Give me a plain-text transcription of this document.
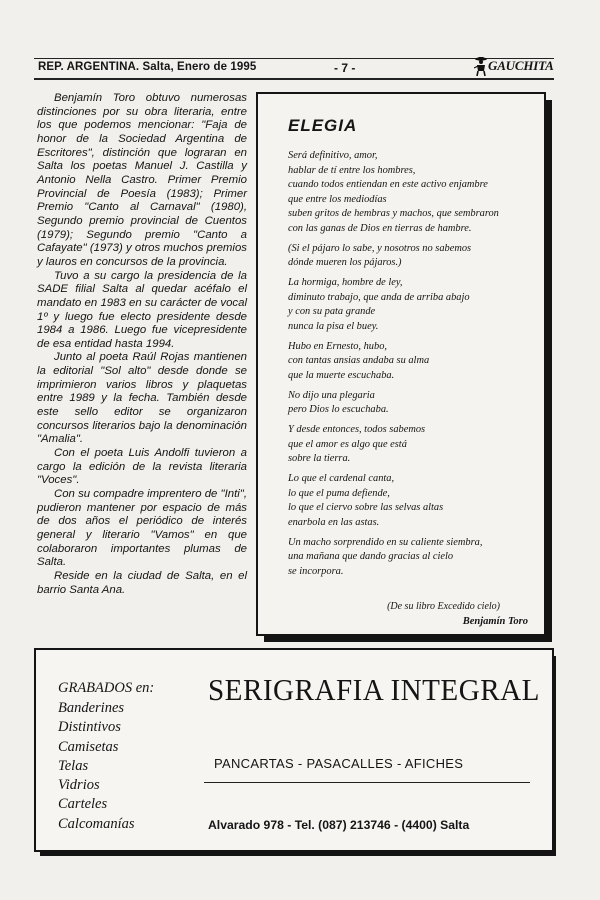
REP. ARGENTINA. Salta, Enero de 1995	- 7 -	GAUCHITA

Benjamín Toro obtuvo numerosas distinciones por su obra literaria, entre los que podemos mencionar: "Faja de honor de la Sociedad Argentina de Escritores", distinción que lograran en Salta los poetas Manuel J. Castilla y Antonio Nella Castro. Primer Premio Provincial de Poesía (1983); Primer Premio "Canto al Carnaval" (1980), Segundo premio provincial de Cuentos (1979); Segundo premio "Canto a Cafayate" (1973) y otros muchos premios y lauros en concursos de la provincia.

Tuvo a su cargo la presidencia de la SADE filial Salta al quedar acéfalo el mandato en 1983 en su carácter de vocal 1º y luego fue electo presidente desde 1984 a 1986. Luego fue vicepresidente de esa entidad hasta 1994.

Junto al poeta Raúl Rojas mantienen la editorial "Sol alto" desde donde se imprimieron varios libros y plaquetas entre 1989 y la fecha. También desde este sello editor se organizaron concursos literarios bajo la denominación "Amalia".

Con el poeta Luis Andolfi tuvieron a cargo la edición de la revista literaria "Voces".

Con su compadre imprentero de "Inti", pudieron mantener por espacio de más de dos años el periódico de interés general y literario "Vamos" en que colaboraron importantes plumas de Salta.

Reside en la ciudad de Salta, en el barrio Santa Ana.

ELEGIA
Será definitivo, amor,
hablar de tí entre los hombres,
cuando todos entiendan en este activo enjambre
que entre los mediodías
suben gritos de hembras y machos, que sembraron
con las ganas de Dios en tierras de hambre.
(Si el pájaro lo sabe, y nosotros no sabemos
dónde mueren los pájaros.)
La hormiga, hombre de ley,
diminuto trabajo, que anda de arriba abajo
y con su pata grande
nunca la pisa el buey.
Hubo en Ernesto, hubo,
con tantas ansias andaba su alma
que la muerte escuchaba.
No dijo una plegaria
pero Dios lo escuchaba.
Y desde entonces, todos sabemos
que el amor es algo que está
sobre la tierra.
Lo que el cardenal canta,
lo que el puma defiende,
lo que el ciervo sobre las selvas altas
enarbola en las astas.
Un macho sorprendido en su caliente siembra,
una mañana que dando gracias al cielo
se incorpora.
(De su libro Excedido cielo)
Benjamín Toro
GRABADOS en:
Banderines
Distintivos
Camisetas
Telas
Vidrios
Carteles
Calcomanías
SERIGRAFIA INTEGRAL
PANCARTAS - PASACALLES - AFICHES
Alvarado 978 - Tel. (087) 213746 - (4400) Salta
